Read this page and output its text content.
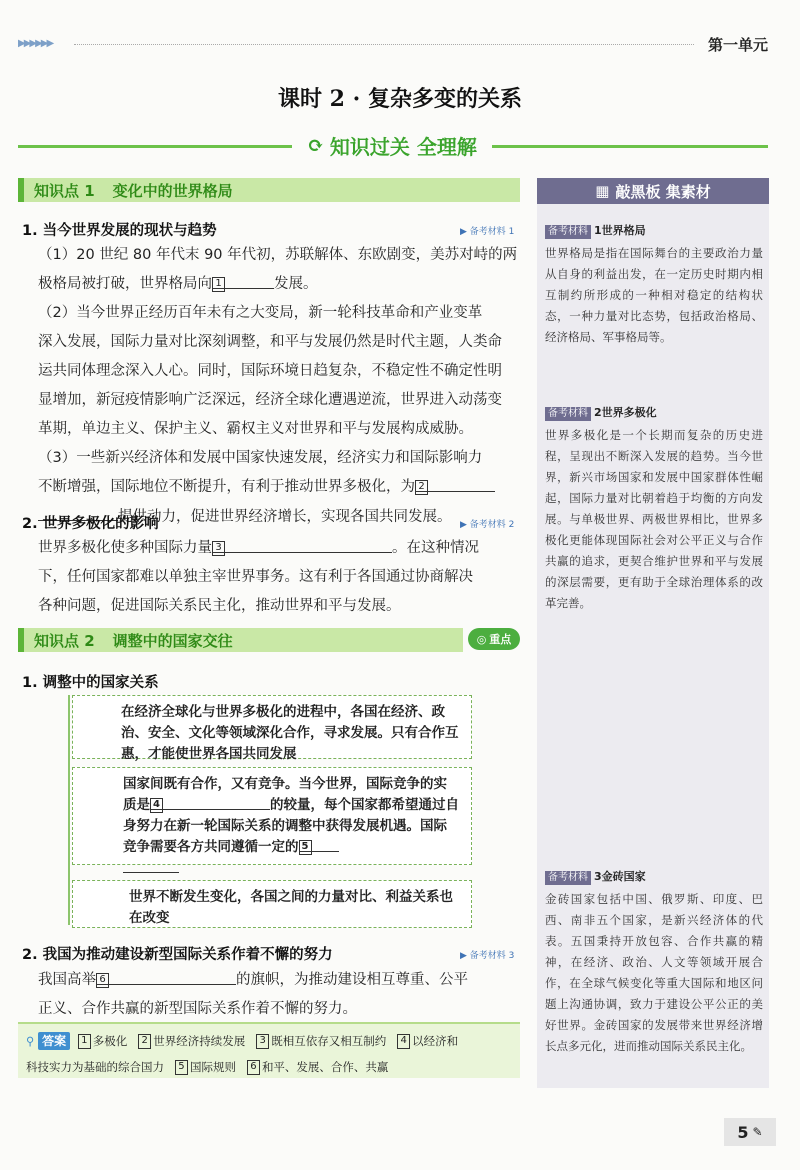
▶▶▶▶▶▶	第一单元
课时 2 · 复杂多变的关系
⟳ 知识过关 全理解
知识点 1 变化中的世界格局
1. 当今世界发展的现状与趋势	▶ 备考材料 1
（1）20 世纪 80 年代末 90 年代初，苏联解体、东欧剧变，美苏对峙的两
极格局被打破，世界格局向 1	发展。
（2）当今世界正经历百年未有之大变局，新一轮科技革命和产业变革
深入发展，国际力量对比深刻调整，和平与发展仍然是时代主题，人类命
运共同体理念深入人心。同时，国际环境日趋复杂，不稳定性不确定性明
显增加，新冠疫情影响广泛深远，经济全球化遭遇逆流，世界进入动荡变
革期，单边主义、保护主义、霸权主义对世界和平与发展构成威胁。
（3）一些新兴经济体和发展中国家快速发展，经济实力和国际影响力
不断增强，国际地位不断提升，有利于推动世界多极化，为 2
提供动力，促进世界经济增长，实现各国共同发展。
2. 世界多极化的影响	▶ 备考材料 2
世界多极化使多种国际力量 3	。在这种情况
下，任何国家都难以单独主宰世界事务。这有利于各国通过协商解决
各种问题，促进国际关系民主化，推动世界和平与发展。
知识点 2 调整中的国家交往	◎ 重点
1. 调整中的国家关系
在经济全球化与世界多极化的进程中，各国在经济、政治、安全、文化等领域深化合作，寻求发展。只有合作互惠，才能使世界各国共同发展
国家间既有合作，又有竞争。当今世界，国际竞争的实质是 4	的较量，每个国家都希望通过自身努力在新一轮国际关系的调整中获得发展机遇。国际竞争需要各方共同遵循一定的 5

世界不断发生变化，各国之间的力量对比、利益关系也在改变
2. 我国为推动建设新型国际关系作着不懈的努力	▶ 备考材料 3
我国高举 6	的旗帜，为推动建设相互尊重、公平
正义、合作共赢的新型国际关系作着不懈的努力。
⚲ 答案 1 多极化 2 世界经济持续发展 3 既相互依存又相互制约 4 以经济和
科技实力为基础的综合国力 5 国际规则 6 和平、发展、合作、共赢
▦ 敲黑板 集素材
备考材料 1世界格局
世界格局是指在国际舞台的主要政治力量从自身的利益出发，在一定历史时期内相互制约所形成的一种相对稳定的结构状态，一种力量对比态势，包括政治格局、经济格局、军事格局等。
备考材料 2世界多极化
世界多极化是一个长期而复杂的历史进程，呈现出不断深入发展的趋势。当今世界，新兴市场国家和发展中国家群体性崛起，国际力量对比朝着趋于均衡的方向发展。与单极世界、两极世界相比，世界多极化更能体现国际社会对公平正义与合作共赢的追求，更契合维护世界和平与发展的深层需要，更有助于全球治理体系的改革完善。
备考材料 3金砖国家
金砖国家包括中国、俄罗斯、印度、巴西、南非五个国家，是新兴经济体的代表。五国秉持开放包容、合作共赢的精神，在经济、政治、人文等领域开展合作，在全球气候变化等重大国际和地区问题上沟通协调，致力于建设公平公正的美好世界。金砖国家的发展带来世界经济增长点多元化，进而推动国际关系民主化。
5 ✎
